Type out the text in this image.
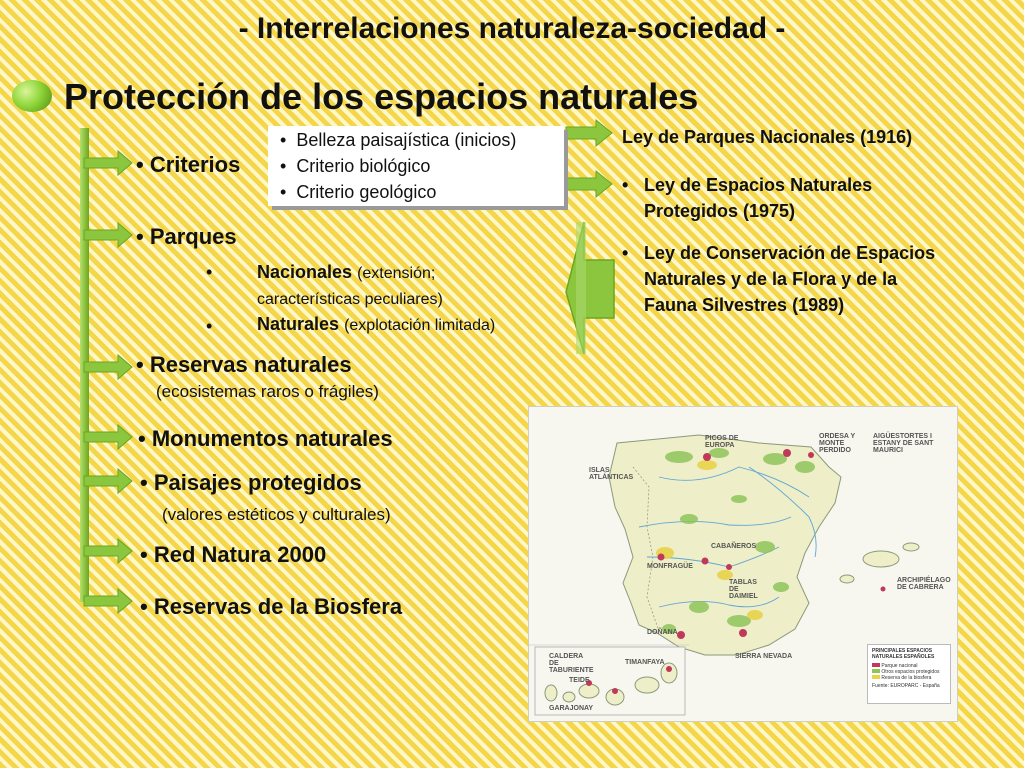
- Interrelaciones naturaleza-sociedad -
Protección de los espacios naturales
• Criterios
•  Belleza paisajística (inicios)
•  Criterio biológico
•  Criterio geológico
• Parques
• Nacionales (extensión;
características peculiares)
• Naturales (explotación limitada)
• Reservas naturales
(ecosistemas raros o frágiles)
• Monumentos naturales
• Paisajes protegidos
(valores estéticos y culturales)
• Red Natura 2000
• Reservas de la Biosfera
Ley de Parques Nacionales (1916)
• Ley de Espacios Naturales
Protegidos (1975)
• Ley de Conservación de Espacios
Naturales y de la Flora y de la
Fauna Silvestres (1989)
ISLAS ATLÁNTICAS
PICOS DE EUROPA
ORDESA Y MONTE PERDIDO
AIGÜESTORTES I ESTANY DE SANT MAURICI
MONFRAGÜE
CABAÑEROS
TABLAS DE DAIMIEL
ARCHIPIÉLAGO DE CABRERA
DOÑANA
SIERRA NEVADA
CALDERA DE TABURIENTE
TEIDE
TIMANFAYA
GARAJONAY
PRINCIPALES ESPACIOS
NATURALES ESPAÑOLES
Parque nacional
Otros espacios protegidos
Reserva de la biosfera
Fuente: EUROPARC - España
